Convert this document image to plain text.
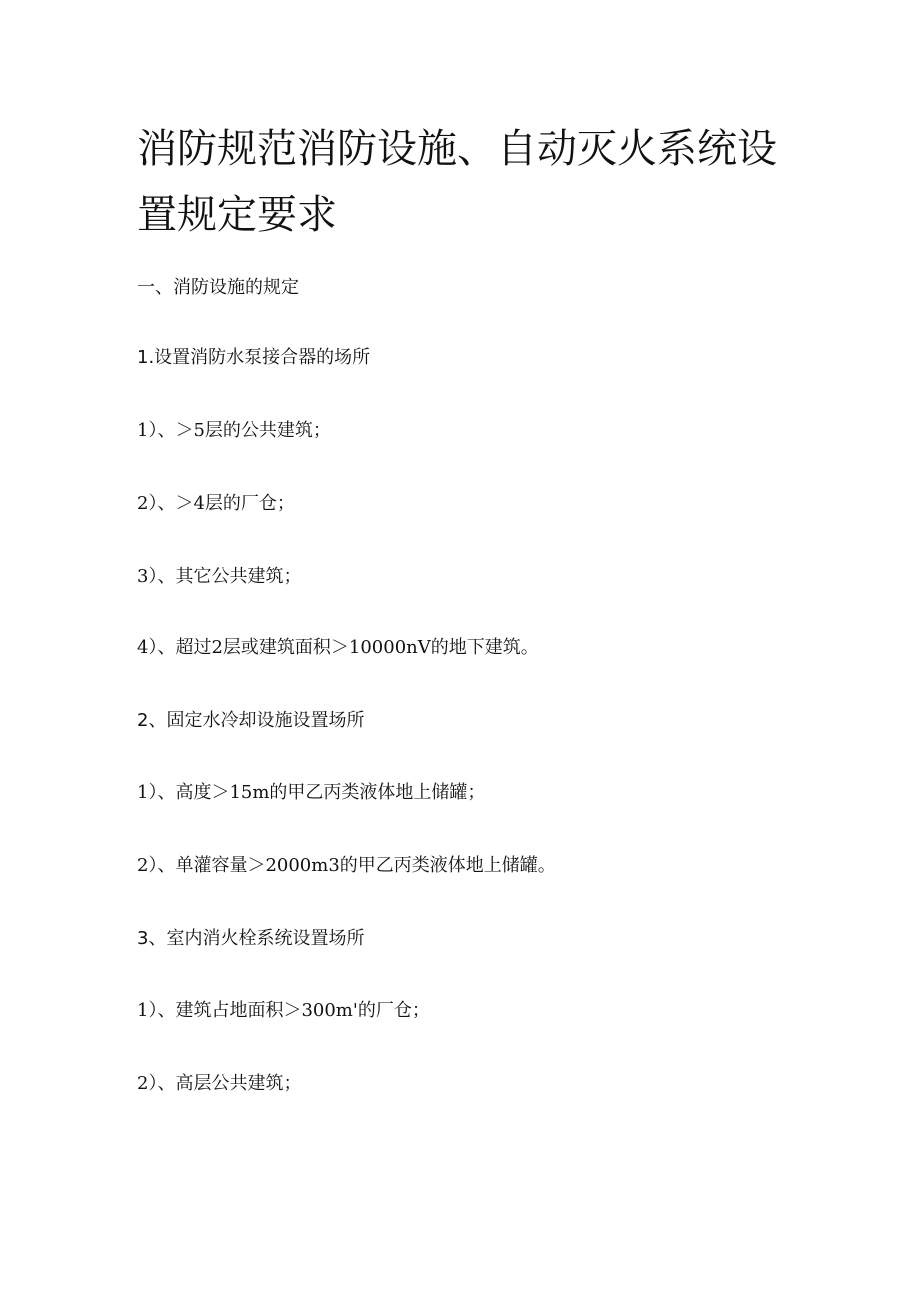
消防规范消防设施、自动灭火系统设置规定要求

一、消防设施的规定

1.设置消防水泵接合器的场所

1）、＞5层的公共建筑；

2）、＞4层的厂仓；

3）、其它公共建筑；

4）、超过2层或建筑面积＞10000nV的地下建筑。

2、固定水冷却设施设置场所

1）、高度＞15m的甲乙丙类液体地上储罐；

2）、单灌容量＞2000m3的甲乙丙类液体地上储罐。

3、室内消火栓系统设置场所

1）、建筑占地面积＞300m'的厂仓；

2）、高层公共建筑；
